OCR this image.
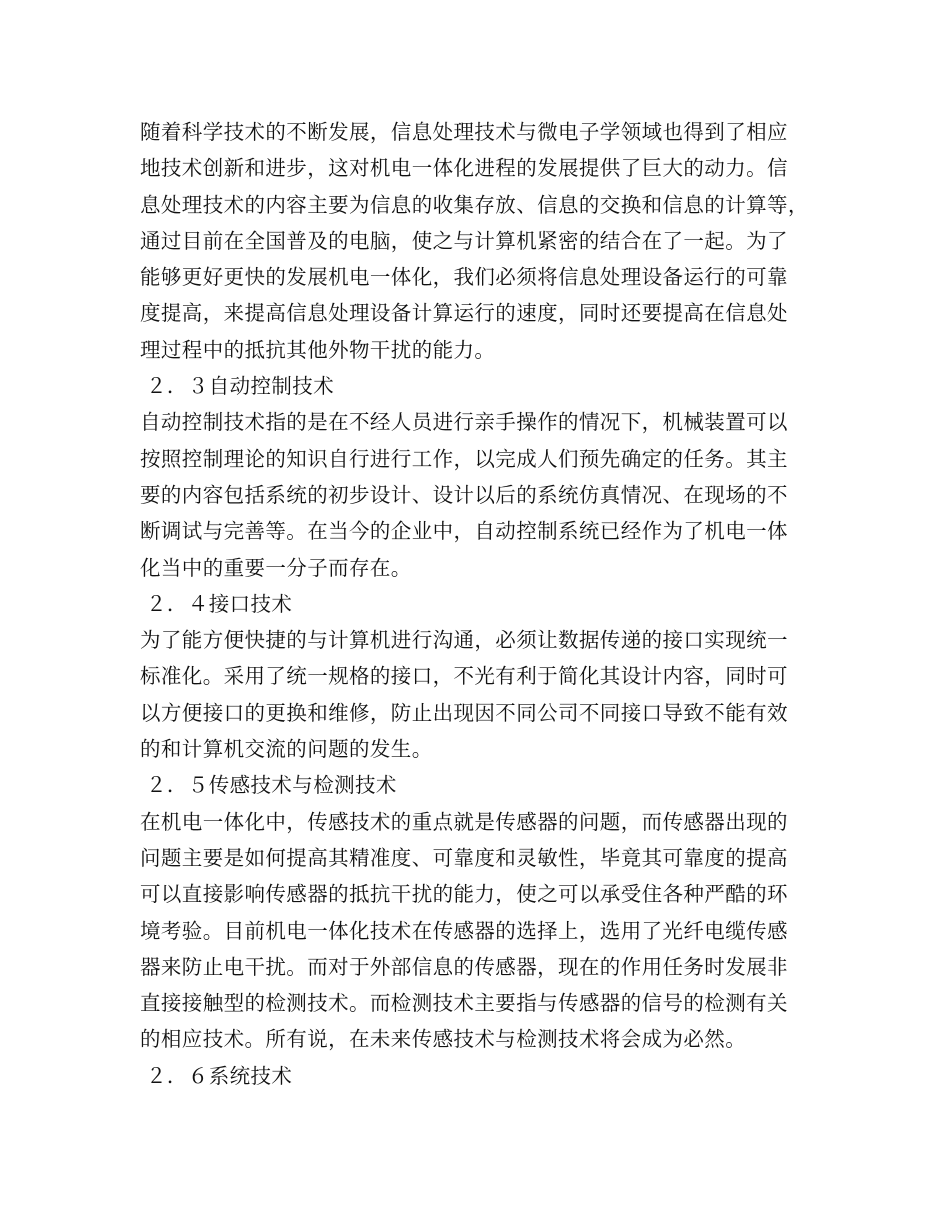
随着科学技术的不断发展，信息处理技术与微电子学领域也得到了相应
地技术创新和进步，这对机电一体化进程的发展提供了巨大的动力。信
息处理技术的内容主要为信息的收集存放、信息的交换和信息的计算等，
通过目前在全国普及的电脑，使之与计算机紧密的结合在了一起。为了
能够更好更快的发展机电一体化，我们必须将信息处理设备运行的可靠
度提高，来提高信息处理设备计算运行的速度，同时还要提高在信息处
理过程中的抵抗其他外物干扰的能力。
２．３自动控制技术
自动控制技术指的是在不经人员进行亲手操作的情况下，机械装置可以
按照控制理论的知识自行进行工作，以完成人们预先确定的任务。其主
要的内容包括系统的初步设计、设计以后的系统仿真情况、在现场的不
断调试与完善等。在当今的企业中，自动控制系统已经作为了机电一体
化当中的重要一分子而存在。
２．４接口技术
为了能方便快捷的与计算机进行沟通，必须让数据传递的接口实现统一
标准化。采用了统一规格的接口，不光有利于简化其设计内容，同时可
以方便接口的更换和维修，防止出现因不同公司不同接口导致不能有效
的和计算机交流的问题的发生。
２．５传感技术与检测技术
在机电一体化中，传感技术的重点就是传感器的问题，而传感器出现的
问题主要是如何提高其精准度、可靠度和灵敏性，毕竟其可靠度的提高
可以直接影响传感器的抵抗干扰的能力，使之可以承受住各种严酷的环
境考验。目前机电一体化技术在传感器的选择上，选用了光纤电缆传感
器来防止电干扰。而对于外部信息的传感器，现在的作用任务时发展非
直接接触型的检测技术。而检测技术主要指与传感器的信号的检测有关
的相应技术。所有说，在未来传感技术与检测技术将会成为必然。
２．６系统技术
